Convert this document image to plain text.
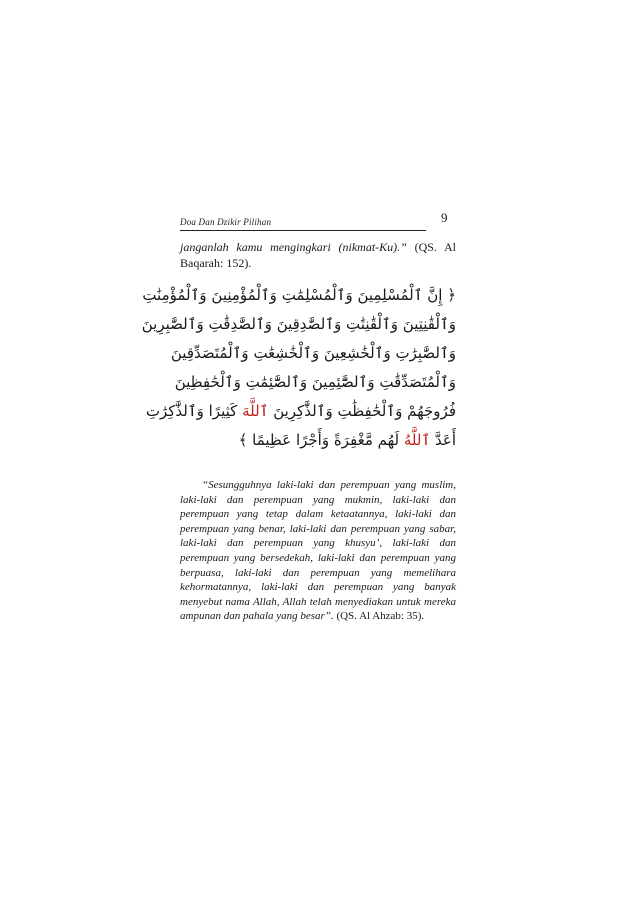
Doa Dan Dzikir Pilihan	9
janganlah kamu mengingkari (nikmat-Ku).” (QS. Al Baqarah: 152).
﴿ إِنَّ ٱلْمُسْلِمِينَ وَٱلْمُسْلِمَٰتِ وَٱلْمُؤْمِنِينَ وَٱلْمُؤْمِنَٰتِ
وَٱلْقَٰنِتِينَ وَٱلْقَٰنِتَٰتِ وَٱلصَّٰدِقِينَ وَٱلصَّٰدِقَٰتِ وَٱلصَّٰبِرِينَ
وَٱلصَّٰبِرَٰتِ وَٱلْخَٰشِعِينَ وَٱلْخَٰشِعَٰتِ وَٱلْمُتَصَدِّقِينَ
وَٱلْمُتَصَدِّقَٰتِ وَٱلصَّٰٓئِمِينَ وَٱلصَّٰٓئِمَٰتِ وَٱلْحَٰفِظِينَ
فُرُوجَهُمْ وَٱلْحَٰفِظَٰتِ وَٱلذَّٰكِرِينَ ٱللَّهَ كَثِيرًا وَٱلذَّٰكِرَٰتِ
أَعَدَّ ٱللَّهُ لَهُم مَّغْفِرَةً وَأَجْرًا عَظِيمًا ﴾
“Sesungguhnya laki-laki dan perempuan yang muslim, laki-laki dan perempuan yang mukmin, laki-laki dan perempuan yang tetap dalam ketaatannya, laki-laki dan perempuan yang benar, laki-laki dan perempuan yang sabar, laki-laki dan perempuan yang khusyu’, laki-laki dan perempuan yang bersedekah, laki-laki dan perempuan yang berpuasa, laki-laki dan perempuan yang memelihara kehormatannya, laki-laki dan perempuan yang banyak menyebut nama Allah, Allah telah menyediakan untuk mereka ampunan dan pahala yang besar”. (QS. Al Ahzab: 35).
